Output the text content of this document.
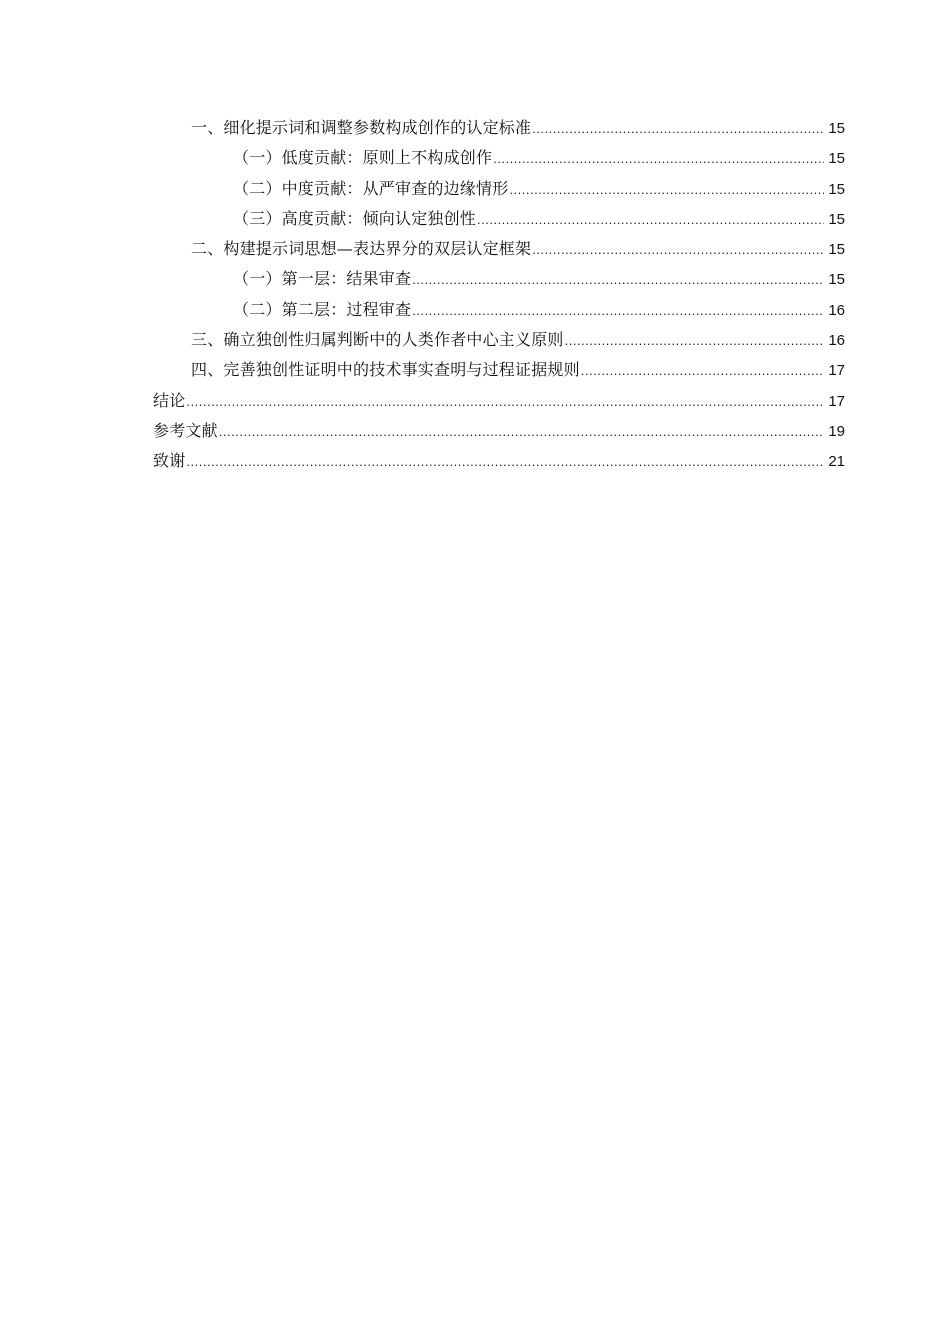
一、细化提示词和调整参数构成创作的认定标准 .....	15
（一）低度贡献：原则上不构成创作 .....	15
（二）中度贡献：从严审查的边缘情形 .....	15
（三）高度贡献：倾向认定独创性 .....	15
二、构建提示词思想—表达界分的双层认定框架 .....	15
（一）第一层：结果审查 .....	15
（二）第二层：过程审查 .....	16
三、确立独创性归属判断中的人类作者中心主义原则 .....	16
四、完善独创性证明中的技术事实查明与过程证据规则 .....	17
结论 .....	17
参考文献 .....	19
致谢 .....	21
